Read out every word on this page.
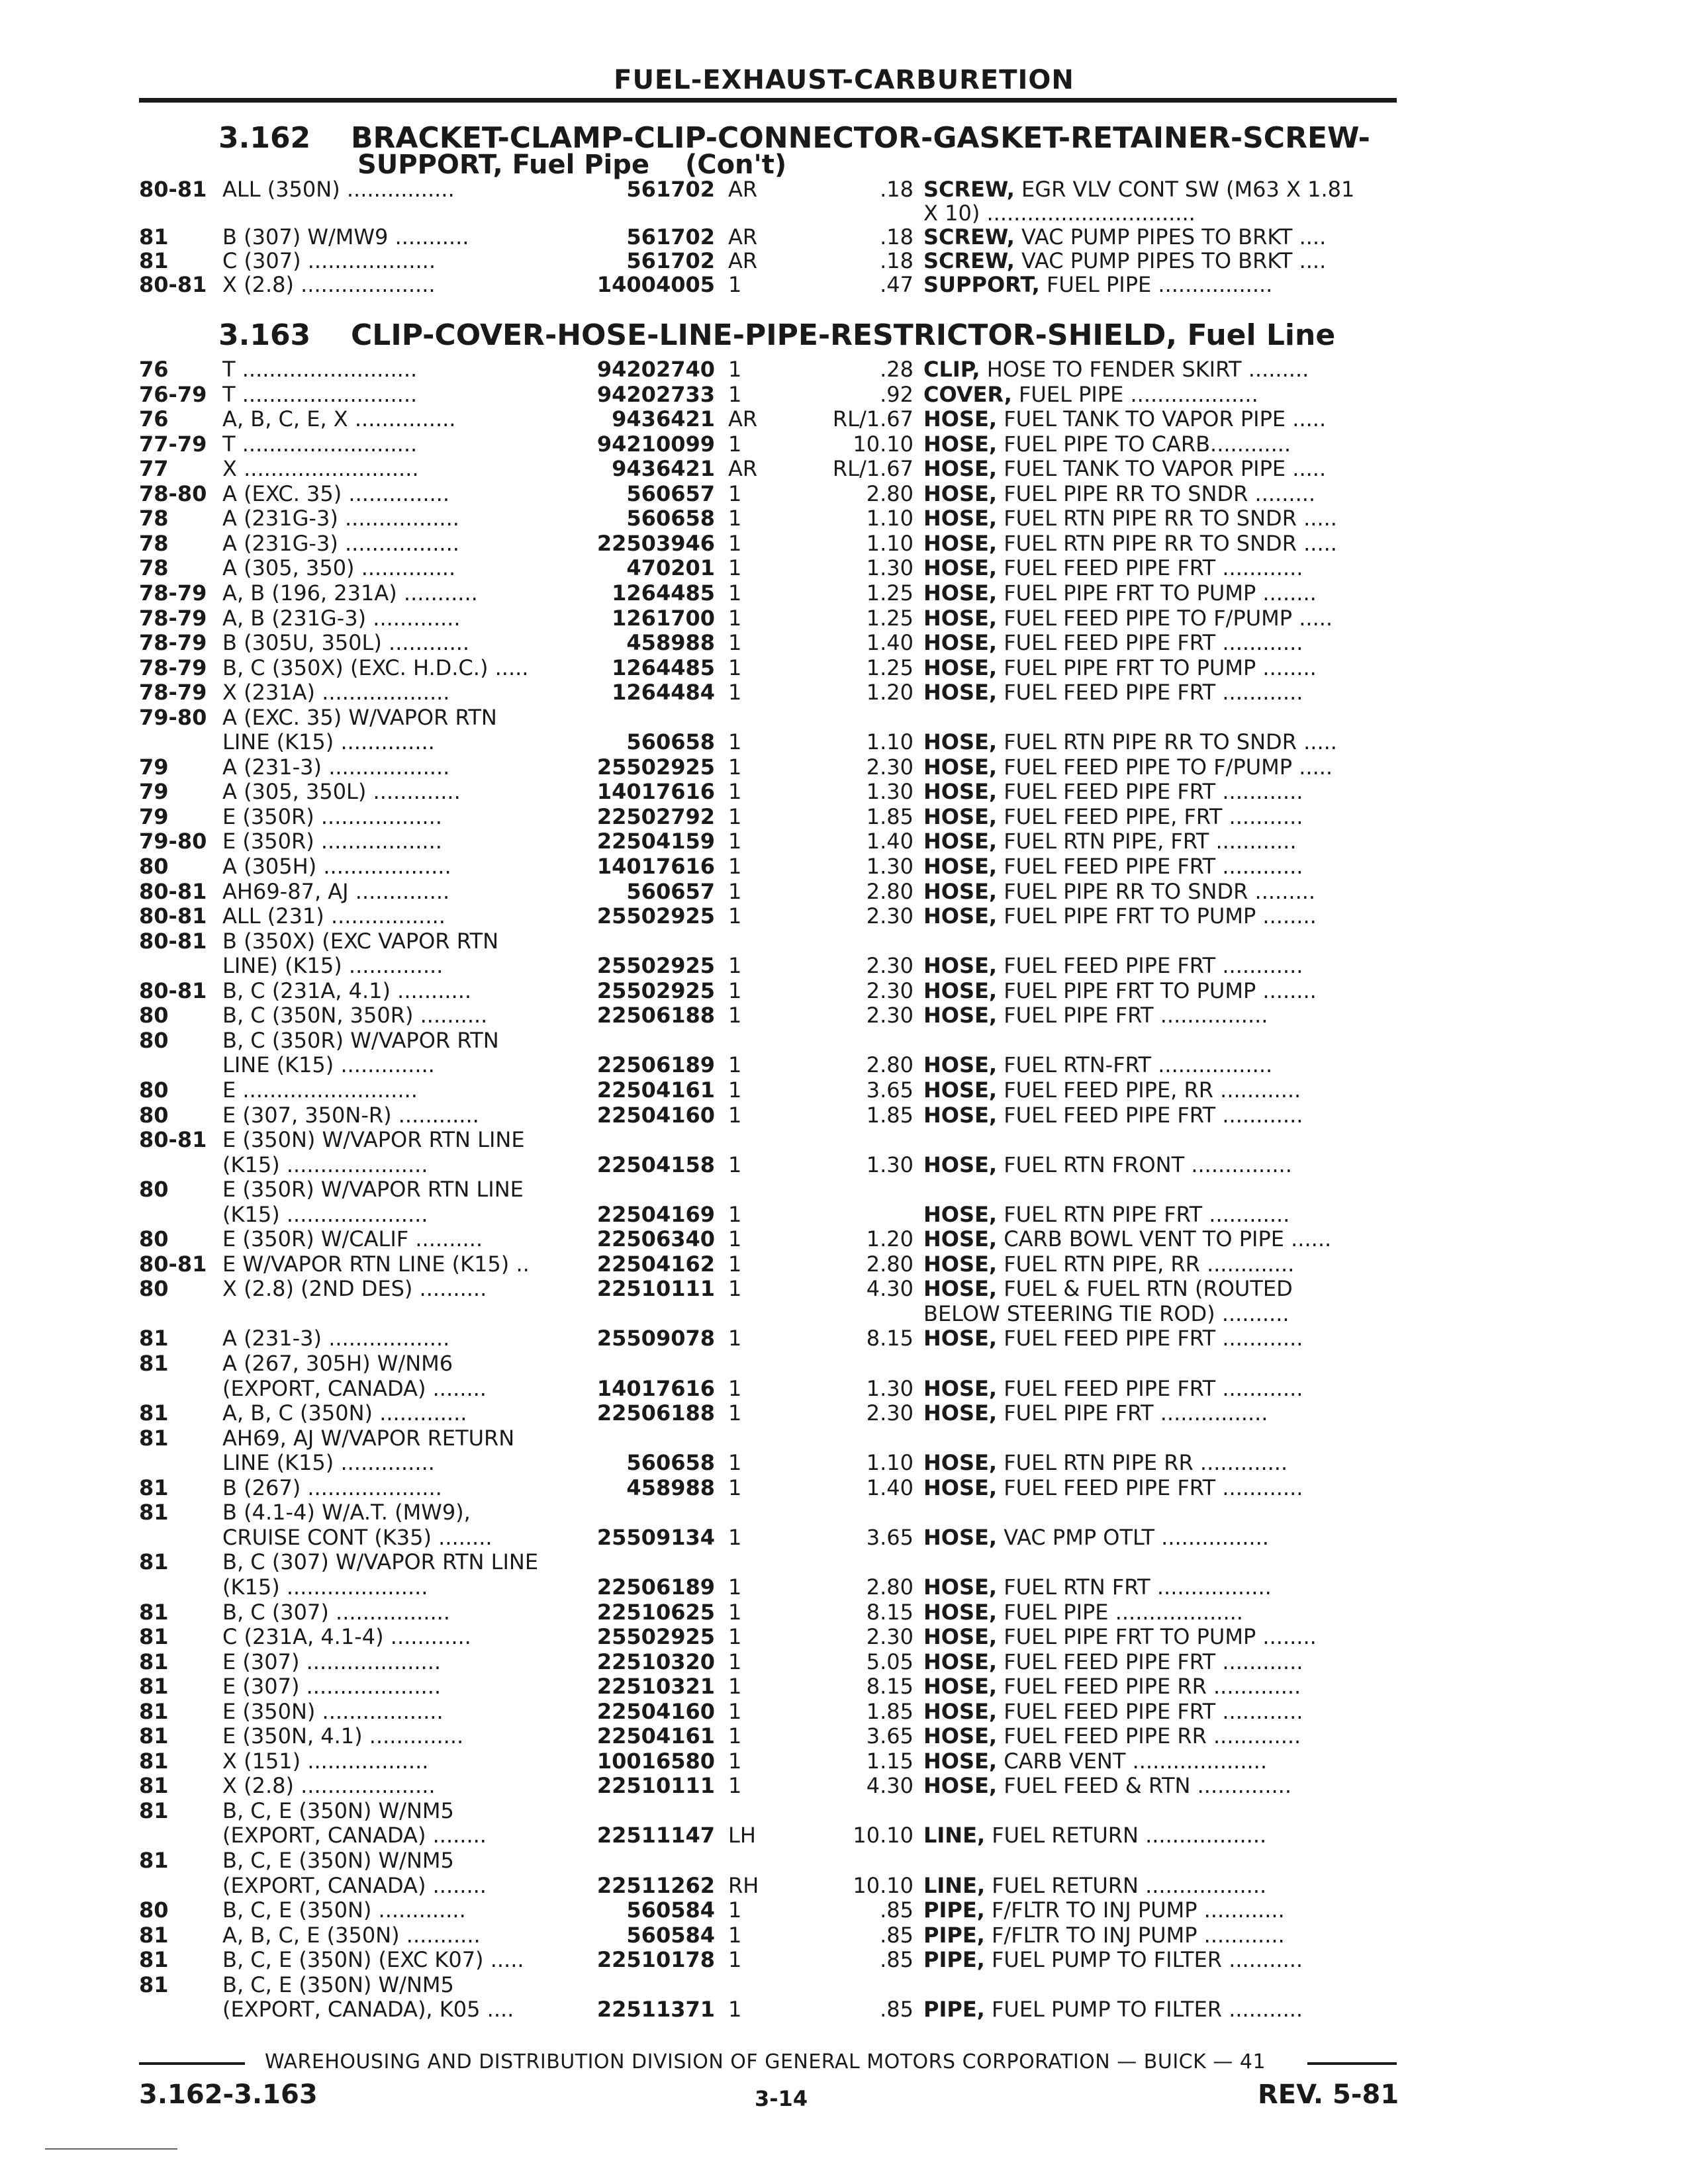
FUEL-EXHAUST-CARBURETION
3.162 BRACKET-CLAMP-CLIP-CONNECTOR-GASKET-RETAINER-SCREW-
SUPPORT, Fuel Pipe (Con't)
80-81 ALL (350N) ................	561702 AR	.18 SCREW, EGR VLV CONT SW (M63 X 1.81
X 10) ...............................
81	B (307) W/MW9 ...........	561702 AR	.18 SCREW, VAC PUMP PIPES TO BRKT ....
81	C (307) ...................	561702 AR	.18 SCREW, VAC PUMP PIPES TO BRKT ....
80-81 X (2.8) ....................	14004005 1	.47 SUPPORT, FUEL PIPE .................
3.163 CLIP-COVER-HOSE-LINE-PIPE-RESTRICTOR-SHIELD, Fuel Line
76	T ..........................	94202740 1	.28 CLIP, HOSE TO FENDER SKIRT .........
76-79 T ..........................	94202733 1	.92 COVER, FUEL PIPE ...................
76	A, B, C, E, X ...............	9436421 AR	RL/1.67 HOSE, FUEL TANK TO VAPOR PIPE .....
77-79 T ..........................	94210099 1	10.10 HOSE, FUEL PIPE TO CARB............
77	X ..........................	9436421 AR	RL/1.67 HOSE, FUEL TANK TO VAPOR PIPE .....
78-80 A (EXC. 35) ...............	560657 1	2.80 HOSE, FUEL PIPE RR TO SNDR .........
78	A (231G-3) .................	560658 1	1.10 HOSE, FUEL RTN PIPE RR TO SNDR .....
78	A (231G-3) .................	22503946 1	1.10 HOSE, FUEL RTN PIPE RR TO SNDR .....
78	A (305, 350) ..............	470201 1	1.30 HOSE, FUEL FEED PIPE FRT ............
78-79 A, B (196, 231A) ...........	1264485 1	1.25 HOSE, FUEL PIPE FRT TO PUMP ........
78-79 A, B (231G-3) .............	1261700 1	1.25 HOSE, FUEL FEED PIPE TO F/PUMP .....
78-79 B (305U, 350L) ............	458988 1	1.40 HOSE, FUEL FEED PIPE FRT ............
78-79 B, C (350X) (EXC. H.D.C.) .....	1264485 1	1.25 HOSE, FUEL PIPE FRT TO PUMP ........
78-79 X (231A) ...................	1264484 1	1.20 HOSE, FUEL FEED PIPE FRT ............
79-80 A (EXC. 35) W/VAPOR RTN
LINE (K15) ..............	560658 1	1.10 HOSE, FUEL RTN PIPE RR TO SNDR .....
79	A (231-3) ..................	25502925 1	2.30 HOSE, FUEL FEED PIPE TO F/PUMP .....
79	A (305, 350L) .............	14017616 1	1.30 HOSE, FUEL FEED PIPE FRT ............
79	E (350R) ..................	22502792 1	1.85 HOSE, FUEL FEED PIPE, FRT ...........
79-80 E (350R) ..................	22504159 1	1.40 HOSE, FUEL RTN PIPE, FRT ............
80	A (305H) ...................	14017616 1	1.30 HOSE, FUEL FEED PIPE FRT ............
80-81 AH69-87, AJ ..............	560657 1	2.80 HOSE, FUEL PIPE RR TO SNDR .........
80-81 ALL (231) .................	25502925 1	2.30 HOSE, FUEL PIPE FRT TO PUMP ........
80-81 B (350X) (EXC VAPOR RTN
LINE) (K15) ..............	25502925 1	2.30 HOSE, FUEL FEED PIPE FRT ............
80-81 B, C (231A, 4.1) ...........	25502925 1	2.30 HOSE, FUEL PIPE FRT TO PUMP ........
80	B, C (350N, 350R) ..........	22506188 1	2.30 HOSE, FUEL PIPE FRT ................
80	B, C (350R) W/VAPOR RTN
LINE (K15) ..............	22506189 1	2.80 HOSE, FUEL RTN-FRT .................
80	E ..........................	22504161 1	3.65 HOSE, FUEL FEED PIPE, RR ............
80	E (307, 350N-R) ............	22504160 1	1.85 HOSE, FUEL FEED PIPE FRT ............
80-81 E (350N) W/VAPOR RTN LINE
(K15) .....................	22504158 1	1.30 HOSE, FUEL RTN FRONT ...............
80	E (350R) W/VAPOR RTN LINE
(K15) .....................	22504169 1	HOSE, FUEL RTN PIPE FRT ............
80	E (350R) W/CALIF ..........	22506340 1	1.20 HOSE, CARB BOWL VENT TO PIPE ......
80-81 E W/VAPOR RTN LINE (K15) ..	22504162 1	2.80 HOSE, FUEL RTN PIPE, RR .............
80	X (2.8) (2ND DES) ..........	22510111 1	4.30 HOSE, FUEL & FUEL RTN (ROUTED
BELOW STEERING TIE ROD) ..........
81	A (231-3) ..................	25509078 1	8.15 HOSE, FUEL FEED PIPE FRT ............
81	A (267, 305H) W/NM6
(EXPORT, CANADA) ........	14017616 1	1.30 HOSE, FUEL FEED PIPE FRT ............
81	A, B, C (350N) .............	22506188 1	2.30 HOSE, FUEL PIPE FRT ................
81	AH69, AJ W/VAPOR RETURN
LINE (K15) ..............	560658 1	1.10 HOSE, FUEL RTN PIPE RR .............
81	B (267) ....................	458988 1	1.40 HOSE, FUEL FEED PIPE FRT ............
81	B (4.1-4) W/A.T. (MW9),
CRUISE CONT (K35) ........	25509134 1	3.65 HOSE, VAC PMP OTLT ................
81	B, C (307) W/VAPOR RTN LINE
(K15) .....................	22506189 1	2.80 HOSE, FUEL RTN FRT .................
81	B, C (307) .................	22510625 1	8.15 HOSE, FUEL PIPE ...................
81	C (231A, 4.1-4) ............	25502925 1	2.30 HOSE, FUEL PIPE FRT TO PUMP ........
81	E (307) ....................	22510320 1	5.05 HOSE, FUEL FEED PIPE FRT ............
81	E (307) ....................	22510321 1	8.15 HOSE, FUEL FEED PIPE RR .............
81	E (350N) ..................	22504160 1	1.85 HOSE, FUEL FEED PIPE FRT ............
81	E (350N, 4.1) ..............	22504161 1	3.65 HOSE, FUEL FEED PIPE RR .............
81	X (151) ..................	10016580 1	1.15 HOSE, CARB VENT ....................
81	X (2.8) ....................	22510111 1	4.30 HOSE, FUEL FEED & RTN ..............
81	B, C, E (350N) W/NM5
(EXPORT, CANADA) ........	22511147 LH	10.10 LINE, FUEL RETURN ..................
81	B, C, E (350N) W/NM5
(EXPORT, CANADA) ........	22511262 RH	10.10 LINE, FUEL RETURN ..................
80	B, C, E (350N) .............	560584 1	.85 PIPE, F/FLTR TO INJ PUMP ............
81	A, B, C, E (350N) ...........	560584 1	.85 PIPE, F/FLTR TO INJ PUMP ............
81	B, C, E (350N) (EXC K07) .....	22510178 1	.85 PIPE, FUEL PUMP TO FILTER ...........
81	B, C, E (350N) W/NM5
(EXPORT, CANADA), K05 ....	22511371 1	.85 PIPE, FUEL PUMP TO FILTER ...........
WAREHOUSING AND DISTRIBUTION DIVISION OF GENERAL MOTORS CORPORATION — BUICK — 41
3.162-3.163	3-14	REV. 5-81
